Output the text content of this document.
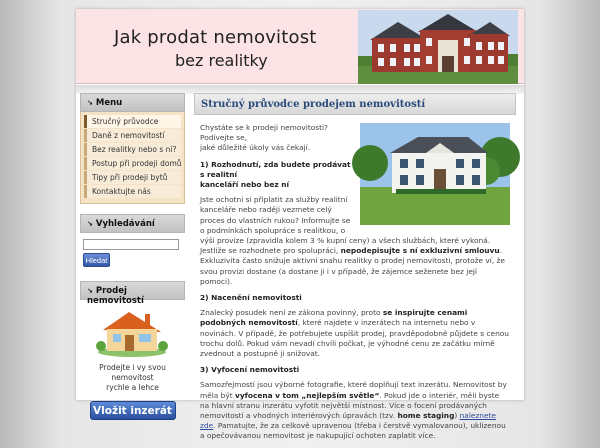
Jak prodat nemovitost
bez realitky
↘ Menu
Stručný průvodce
Daně z nemovitostí
Bez realitky nebo s ní?
Postup při prodeji domů
Tipy při prodeji bytů
Kontaktujte nás
↘ Vyhledávání
Hledat
↘ Prodej nemovitostí
Prodejte i vy svou nemovitost
rychle a lehce
Vložit inzerát
Stručný průvodce prodejem nemovitostí

Chystáte se k prodeji nemovitosti? Podívejte se,
jaké důležité úkoly vás čekají.

1) Rozhodnutí, zda budete prodávat s realitní
kanceláří nebo bez ní

Jste ochotni si připlatit za služby realitní kanceláře nebo raději vezmete celý proces do vlastních rukou? Informujte se o podmínkách spolupráce s realitkou, o výši provize (zpravidla kolem 3 % kupní ceny) a všech službách, které vykoná. Jestliže se rozhodnete pro spolupráci, nepodepisujte s ní exkluzivní smlouvu. Exkluzivita často snižuje aktivní snahu realitky o prodej nemovitosti, protože ví, že svou provizi dostane (a dostane ji i v případě, že zájemce seženete bez její pomoci).

2) Nacenění nemovitosti

Znalecký posudek není ze zákona povinný, proto se inspirujte cenami podobných nemovitostí, které najdete v inzerátech na internetu nebo v novinách. V případě, že potřebujete uspíšit prodej, pravděpodobně půjdete s cenou trochu dolů. Pokud vám nevadí chvíli počkat, je výhodné cenu ze začátku mírně zvednout a postupně ji snižovat.

3) Vyfocení nemovitosti

Samozřejmostí jsou výborné fotografie, které doplňují text inzerátu. Nemovitost by měla být vyfocena v tom „nejlepším světle“. Pokud jde o interiér, měli byste na hlavní stranu inzerátu vyfotit největší místnost. Více o focení prodávaných nemovitostí a vhodných interiérových úpravách (tzv. home staging) naleznete zde. Pamatujte, že za celkově upravenou (třeba i čerstvě vymalovanou), uklizenou a opečovávanou nemovitost je nakupující ochoten zaplatit více.
